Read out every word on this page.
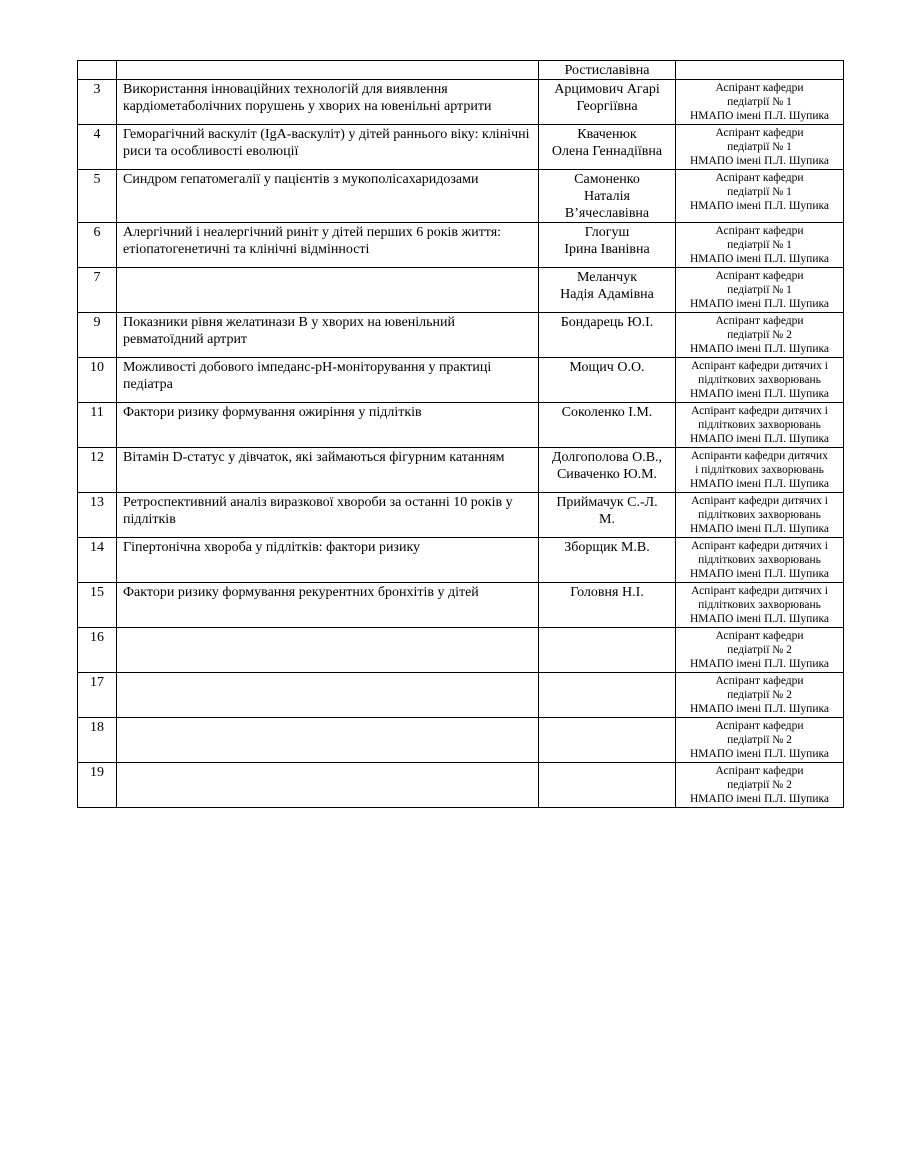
		Ростиславівна	
3	Використання інноваційних технологій для виявлення кардіометаболічних порушень у хворих на ювенільні артрити	Арцимович Агарі
Георгіївна	Аспірант кафедри
педіатрії № 1
НМАПО імені П.Л. Шупика
4	Геморагічний васкуліт (IgA-васкуліт) у дітей раннього віку: клінічні риси та особливості еволюції	Кваченюк
Олена Геннадіївна	Аспірант кафедри
педіатрії № 1
НМАПО імені П.Л. Шупика
5	Синдром гепатомегалії у пацієнтів з мукополісахаридозами	Самоненко
Наталія
В’ячеславівна	Аспірант кафедри
педіатрії № 1
НМАПО імені П.Л. Шупика
6	Алергічний і неалергічний риніт у дітей перших 6 років життя: етіопатогенетичні та клінічні відмінності	Глогуш
Ірина Іванівна	Аспірант кафедри
педіатрії № 1
НМАПО імені П.Л. Шупика
7		Меланчук
Надія Адамівна	Аспірант кафедри
педіатрії № 1
НМАПО імені П.Л. Шупика
9	Показники рівня желатинази В у хворих на ювенільний ревматоїдний артрит	Бондарець Ю.І.	Аспірант кафедри
педіатрії № 2
НМАПО імені П.Л. Шупика
10	Можливості добового імпеданс-pH-моніторування у практиці педіатра	Мощич О.О.	Аспірант кафедри дитячих і
підліткових захворювань
НМАПО імені П.Л. Шупика
11	Фактори ризику формування ожиріння у підлітків	Соколенко І.М.	Аспірант кафедри дитячих і
підліткових захворювань
НМАПО імені П.Л. Шупика
12	Вітамін D-статус у дівчаток, які займаються фігурним катанням	Долгополова О.В.,
Сиваченко Ю.М.	Аспіранти кафедри дитячих
і підліткових захворювань
НМАПО імені П.Л. Шупика
13	Ретроспективний аналіз виразкової хвороби за останні 10 років у підлітків	Приймачук С.-Л.
М.	Аспірант кафедри дитячих і
підліткових захворювань
НМАПО імені П.Л. Шупика
14	Гіпертонічна хвороба у підлітків: фактори ризику	Зборщик М.В.	Аспірант кафедри дитячих і
підліткових захворювань
НМАПО імені П.Л. Шупика
15	Фактори ризику формування рекурентних бронхітів у дітей	Головня Н.І.	Аспірант кафедри дитячих і
підліткових захворювань
НМАПО імені П.Л. Шупика
16			Аспірант кафедри
педіатрії № 2
НМАПО імені П.Л. Шупика
17			Аспірант кафедри
педіатрії № 2
НМАПО імені П.Л. Шупика
18			Аспірант кафедри
педіатрії № 2
НМАПО імені П.Л. Шупика
19			Аспірант кафедри
педіатрії № 2
НМАПО імені П.Л. Шупика
